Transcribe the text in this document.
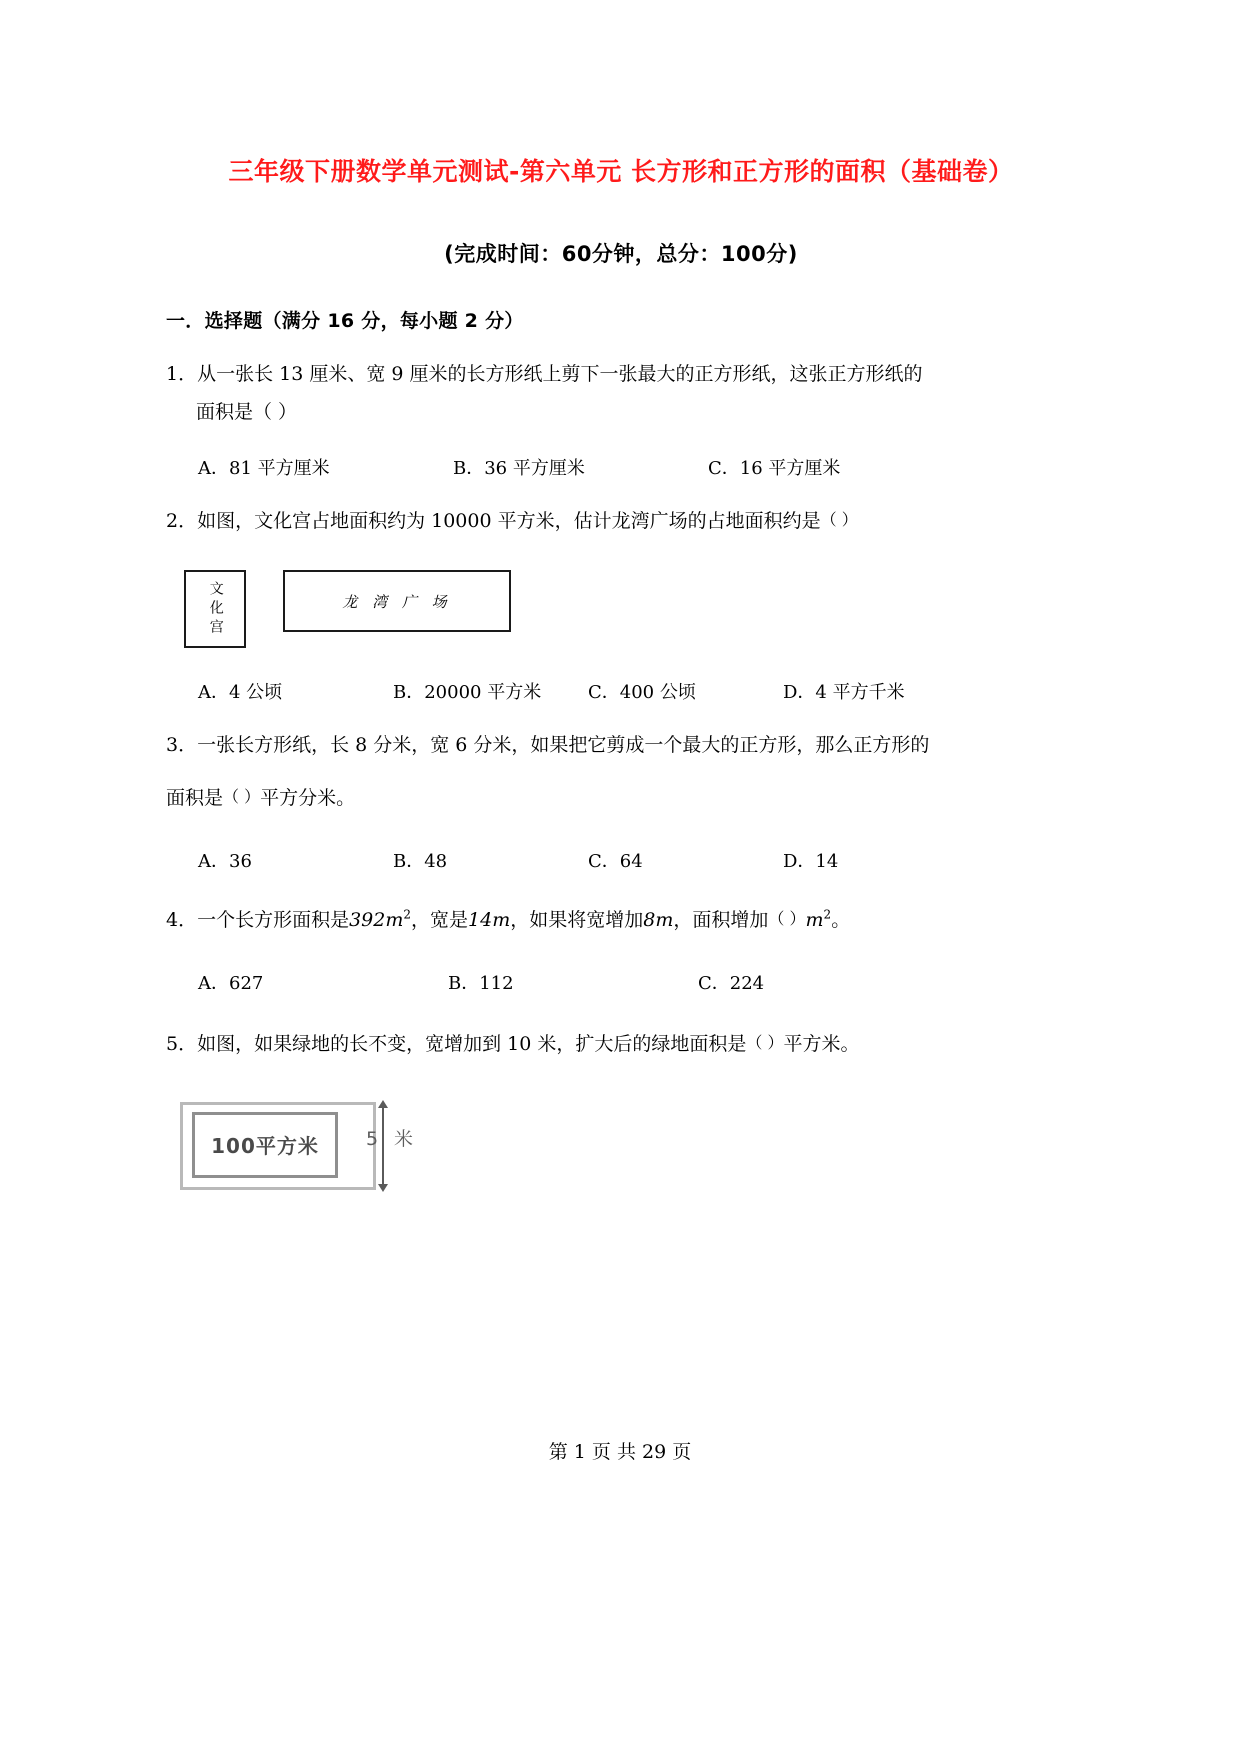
三年级下册数学单元测试-第六单元 长方形和正方形的面积（基础卷）
(完成时间：60分钟，总分：100分)
一．选择题（满分 16 分，每小题 2 分）
1．从一张长 13 厘米、宽 9 厘米的长方形纸上剪下一张最大的正方形纸，这张正方形纸的
面积是（ ）
A．81 平方厘米	B．36 平方厘米	C．16 平方厘米
2．如图，文化宫占地面积约为 10000 平方米，估计龙湾广场的占地面积约是（ ）
文化宫	龙 湾 广 场
A．4 公顷	B．20000 平方米	C．400 公顷	D．4 平方千米
3．一张长方形纸，长 8 分米，宽 6 分米，如果把它剪成一个最大的正方形，那么正方形的
面积是（ ）平方分米。
A．36	B．48	C．64	D．14
4．一个长方形面积是$392m^2$，宽是14m，如果将宽增加8m，面积增加（ ）$m^2$。
A．627	B．112	C．224
5．如图，如果绿地的长不变，宽增加到 10 米，扩大后的绿地面积是（ ）平方米。
100平方米 5 米
第 1 页 共 29 页
